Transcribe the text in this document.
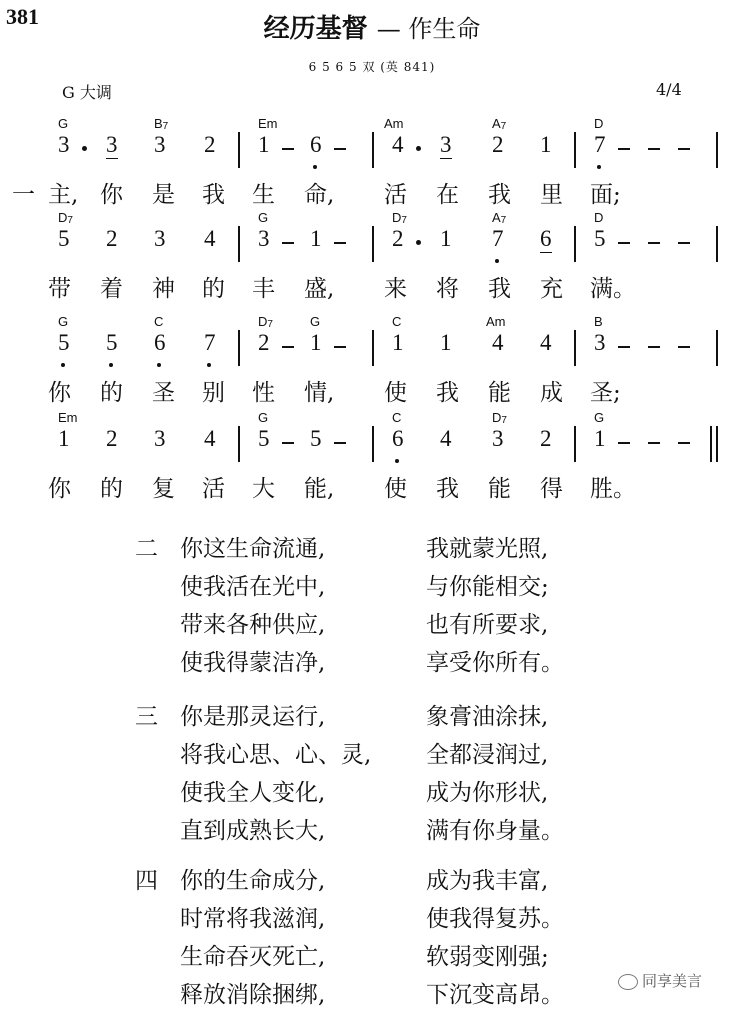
381	经历基督 — 作生命
6 5 6 5 双 (英 841)
G 大调	4/4
G	$B_7$	Em	Am	$A_7$	D
3 3 3 2 1 6	4 3 2 1 7
一 主, 你 是 我 生 命, 活 在 我 里 面;
$D_7$	G	$D_7$	$A_7$	D
5 2 3 4 3 1	2 1 7 6 5
带 着 神 的 丰 盛, 来 将 我 充 满。
G	C	$D_7$	G	C	Am	B
5 5 6 7 2 1	1 1 4 4 3
你 的 圣 别 性 情, 使 我 能 成 圣;
Em	G	C	$D_7$	G
1 2 3 4 5 5	6 4 3 2 1
你 的 复 活 大 能, 使 我 能 得 胜。
二 你这生命流通,	我就蒙光照,
使我活在光中,	与你能相交;
带来各种供应,	也有所要求,
使我得蒙洁净,	享受你所有。
三 你是那灵运行,	象膏油涂抹,
将我心思、心、灵, 全都浸润过,
使我全人变化,	成为你形状,
直到成熟长大,	满有你身量。
四 你的生命成分,	成为我丰富,
时常将我滋润,	使我得复苏。
生命吞灭死亡,	软弱变刚强;
释放消除捆绑,	下沉变高昂。
同享美言
